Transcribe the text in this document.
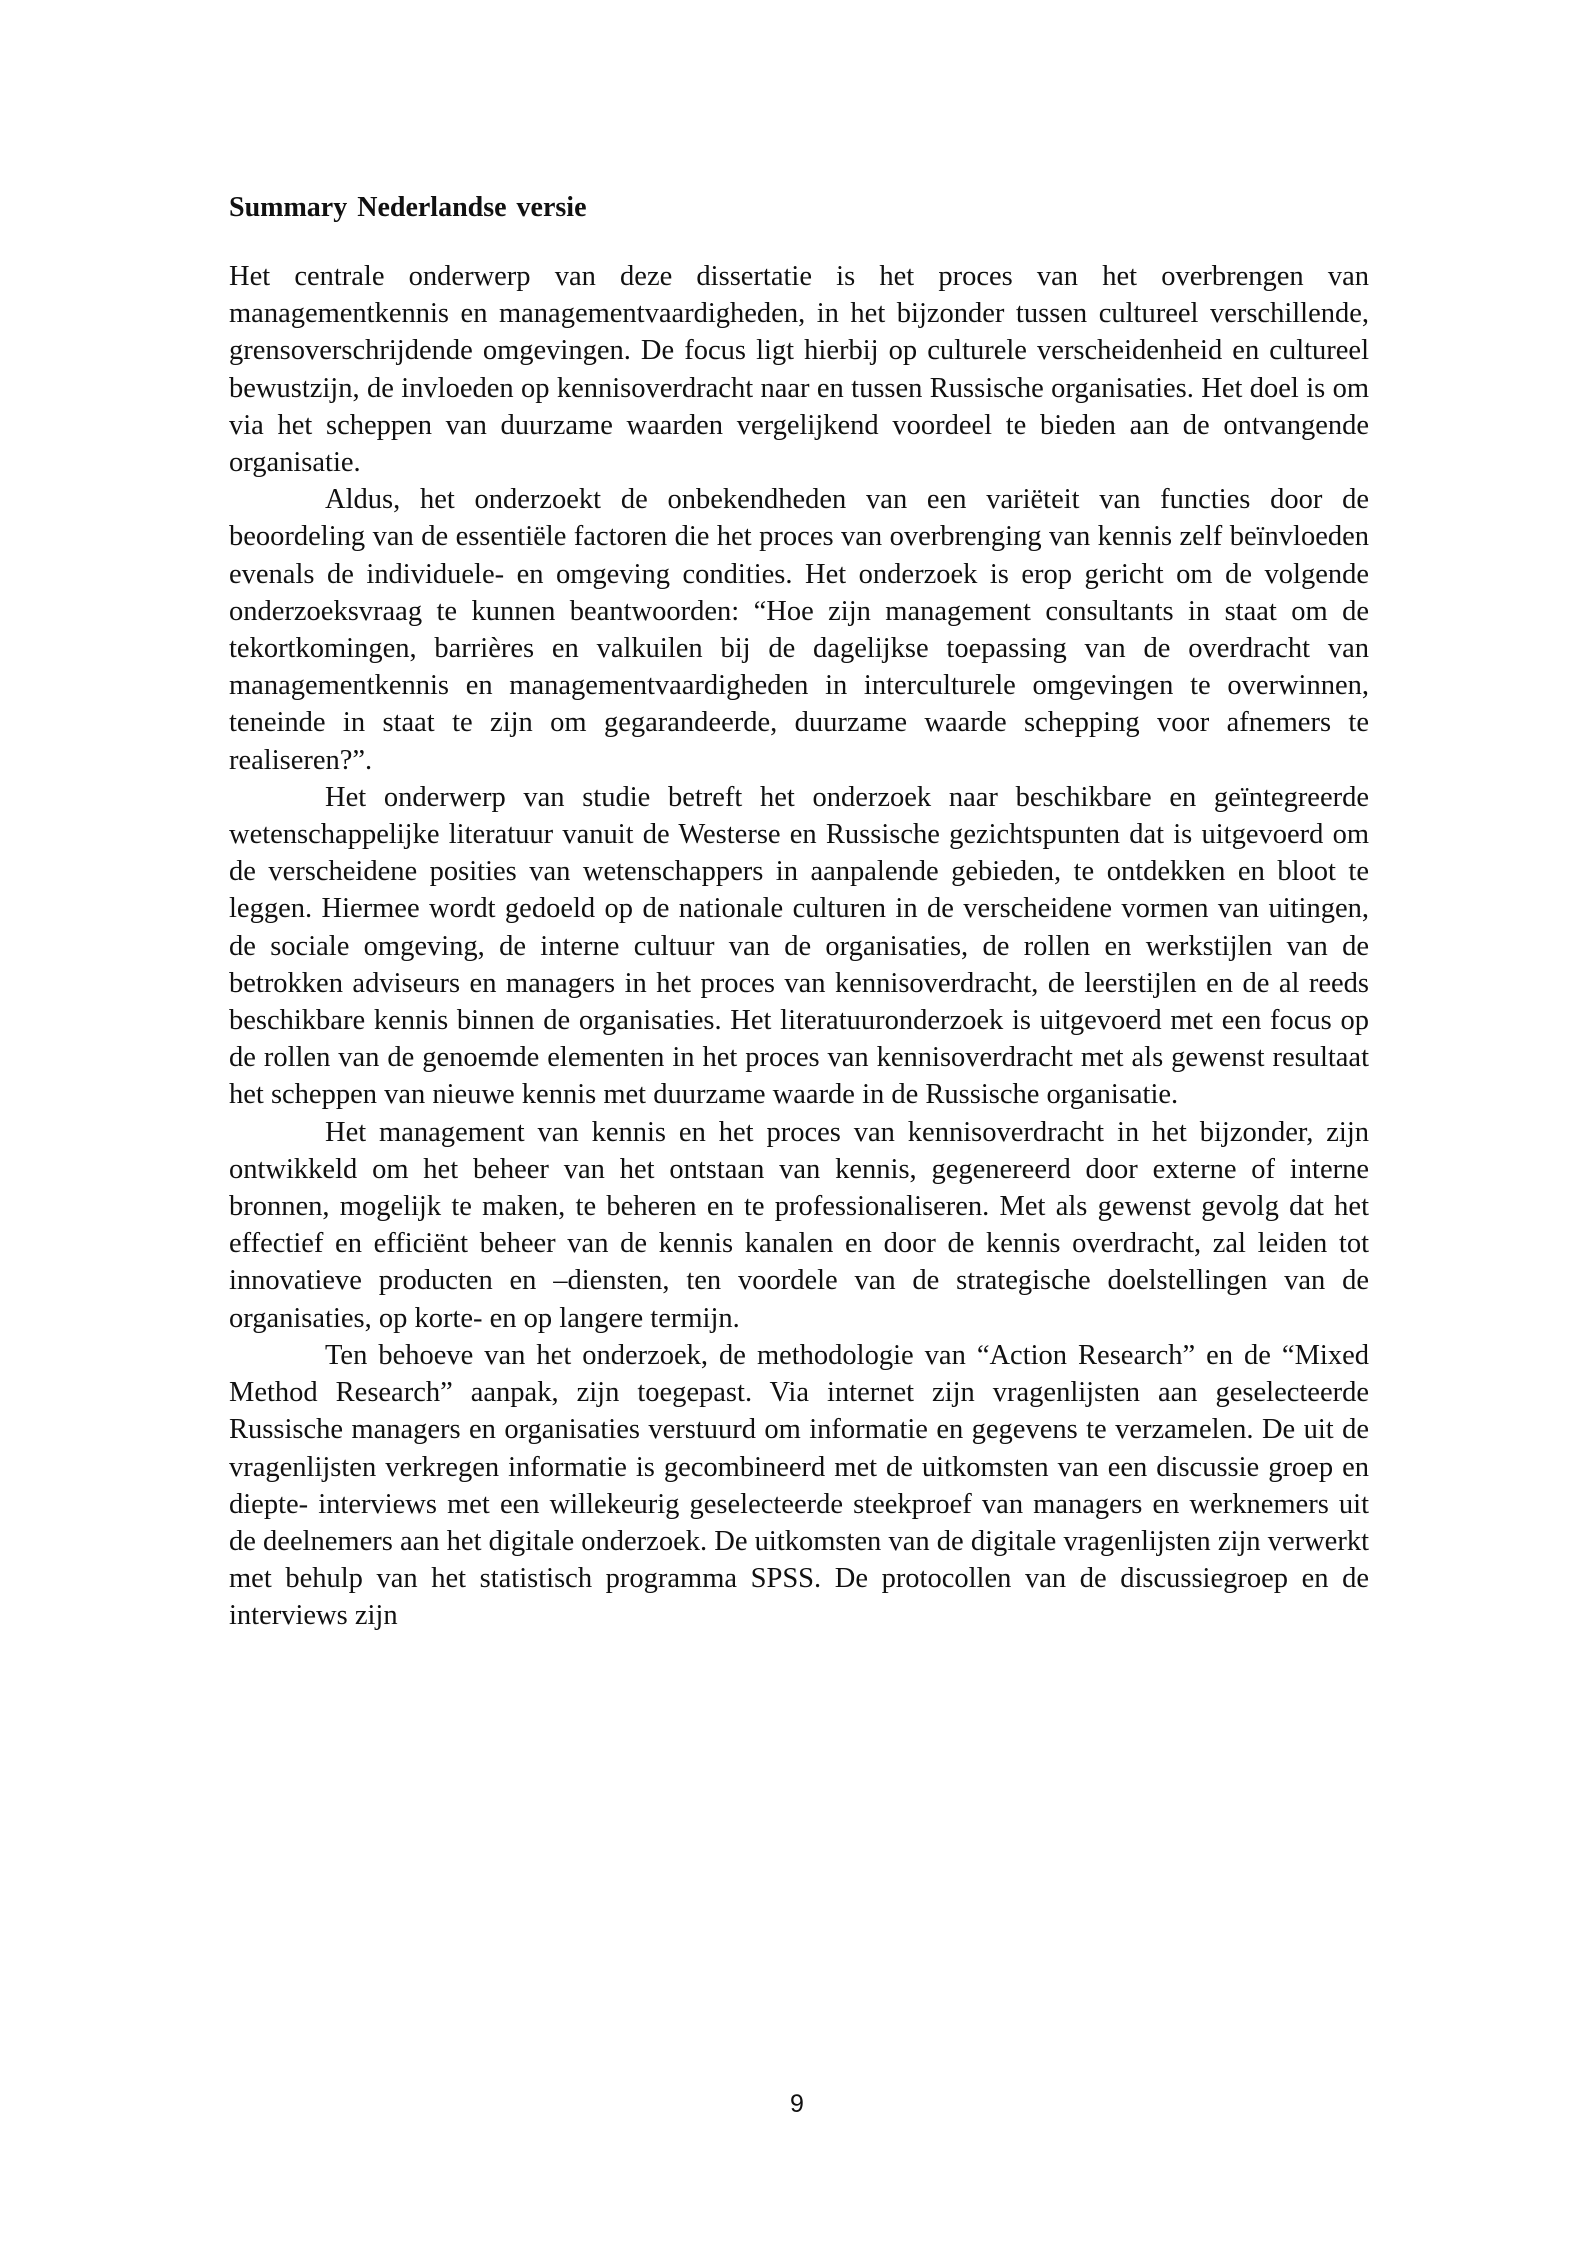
Summary Nederlandse versie

Het centrale onderwerp van deze dissertatie is het proces van het overbrengen van managementkennis en managementvaardigheden, in het bijzonder tussen cultureel verschillende, grensoverschrijdende omgevingen. De focus ligt hierbij op culturele verscheidenheid en cultureel bewustzijn, de invloeden op kennisoverdracht naar en tussen Russische organisaties. Het doel is om via het scheppen van duurzame waarden vergelijkend voordeel te bieden aan de ontvangende organisatie.

Aldus, het onderzoekt de onbekendheden van een variëteit van functies door de beoordeling van de essentiële factoren die het proces van overbrenging van kennis zelf beïnvloeden evenals de individuele- en omgeving condities. Het onderzoek is erop gericht om de volgende onderzoeksvraag te kunnen beantwoorden: “Hoe zijn management consultants in staat om de tekortkomingen, barrières en valkuilen bij de dagelijkse toepassing van de overdracht van managementkennis en managementvaardigheden in interculturele omgevingen te overwinnen, teneinde in staat te zijn om gegarandeerde, duurzame waarde schepping voor afnemers te realiseren?”.

Het onderwerp van studie betreft het onderzoek naar beschikbare en geïntegreerde wetenschappelijke literatuur vanuit de Westerse en Russische gezichtspunten dat is uitgevoerd om de verscheidene posities van wetenschappers in aanpalende gebieden, te ontdekken en bloot te leggen. Hiermee wordt gedoeld op de nationale culturen in de verscheidene vormen van uitingen, de sociale omgeving, de interne cultuur van de organisaties, de rollen en werkstijlen van de betrokken adviseurs en managers in het proces van kennisoverdracht, de leerstijlen en de al reeds beschikbare kennis binnen de organisaties. Het literatuuronderzoek is uitgevoerd met een focus op de rollen van de genoemde elementen in het proces van kennisoverdracht met als gewenst resultaat het scheppen van nieuwe kennis met duurzame waarde in de Russische organisatie.

Het management van kennis en het proces van kennisoverdracht in het bijzonder, zijn ontwikkeld om het beheer van het ontstaan van kennis, gegenereerd door externe of interne bronnen, mogelijk te maken, te beheren en te professionaliseren. Met als gewenst gevolg dat het effectief en efficiënt beheer van de kennis kanalen en door de kennis overdracht, zal leiden tot innovatieve producten en –diensten, ten voordele van de strategische doelstellingen van de organisaties, op korte- en op langere termijn.

Ten behoeve van het onderzoek, de methodologie van “Action Research” en de “Mixed Method Research” aanpak, zijn toegepast. Via internet zijn vragenlijsten aan geselecteerde Russische managers en organisaties verstuurd om informatie en gegevens te verzamelen. De uit de vragenlijsten verkregen informatie is gecombineerd met de uitkomsten van een discussie groep en diepte- interviews met een willekeurig geselecteerde steekproef van managers en werknemers uit de deelnemers aan het digitale onderzoek. De uitkomsten van de digitale vragenlijsten zijn verwerkt met behulp van het statistisch programma SPSS. De protocollen van de discussiegroep en de interviews zijn

9
